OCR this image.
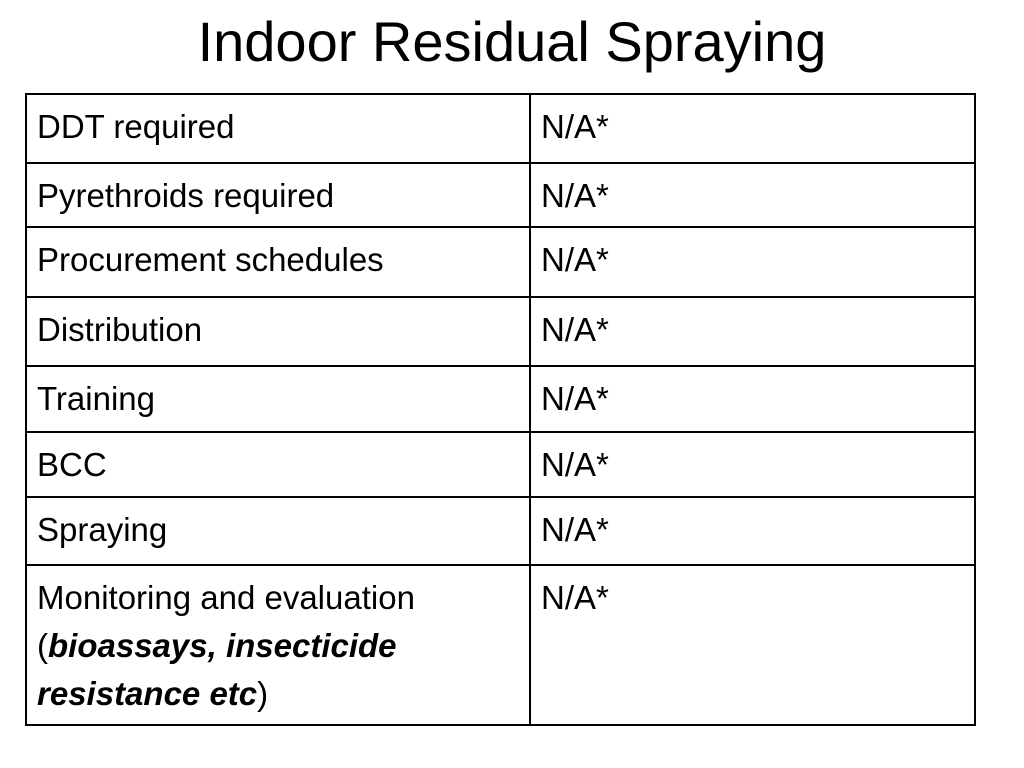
Indoor Residual Spraying
DDT required	N/A*
Pyrethroids required	N/A*
Procurement schedules	N/A*
Distribution	N/A*
Training	N/A*
BCC	N/A*
Spraying	N/A*

Monitoring and evaluation
(bioassays, insecticide resistance etc)	N/A*
